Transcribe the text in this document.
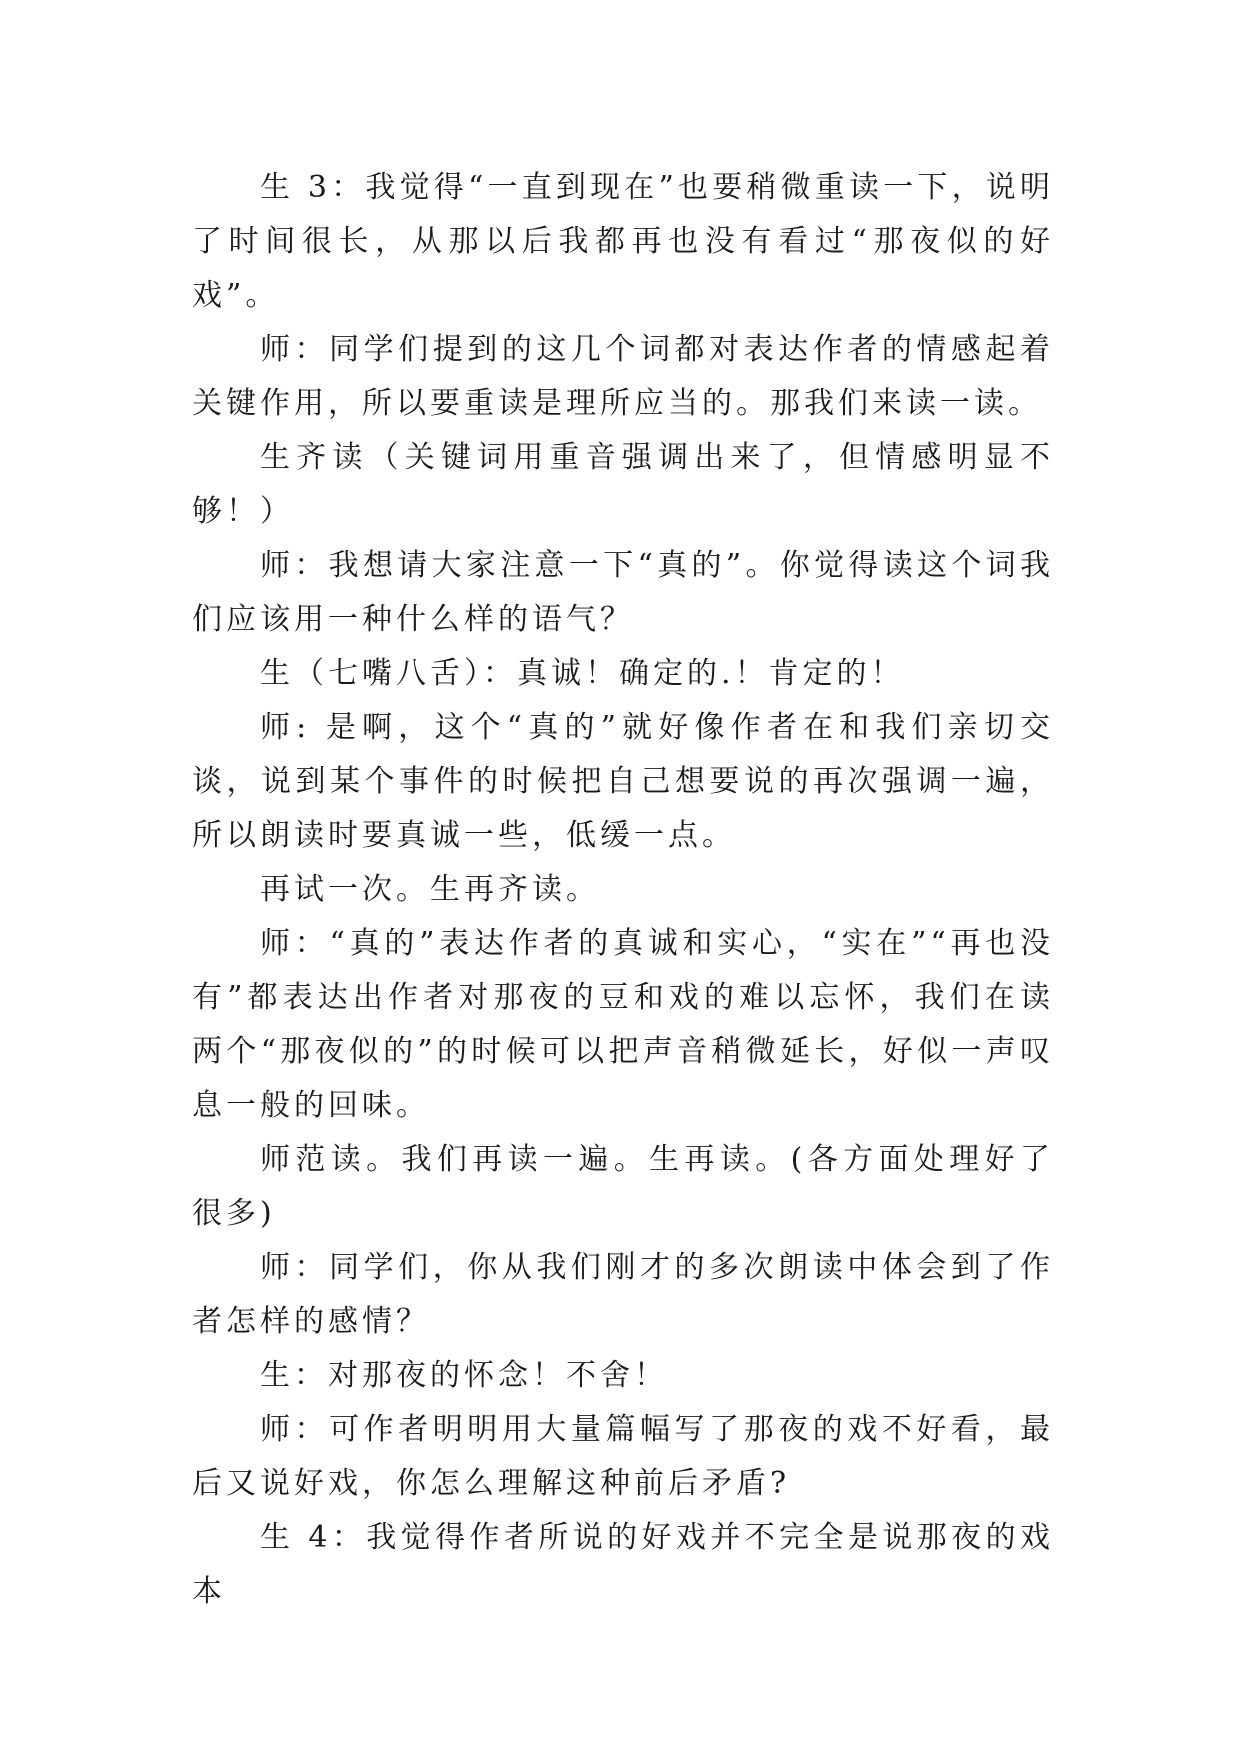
生 3：我觉得“一直到现在”也要稍微重读一下，说明了时间很长，从那以后我都再也没有看过“那夜似的好戏”。

师：同学们提到的这几个词都对表达作者的情感起着关键作用，所以要重读是理所应当的。那我们来读一读。

生齐读（关键词用重音强调出来了，但情感明显不够！）

师：我想请大家注意一下“真的”。你觉得读这个词我们应该用一种什么样的语气？

生（七嘴八舌）：真诚！确定的.！肯定的！

师: 是啊，这个“真的”就好像作者在和我们亲切交谈，说到某个事件的时候把自己想要说的再次强调一遍，所以朗读时要真诚一些，低缓一点。

再试一次。生再齐读。

师：“真的”表达作者的真诚和实心，“实在”“再也没有”都表达出作者对那夜的豆和戏的难以忘怀，我们在读两个“那夜似的”的时候可以把声音稍微延长，好似一声叹息一般的回味。

师范读。我们再读一遍。生再读。(各方面处理好了很多)

师：同学们，你从我们刚才的多次朗读中体会到了作者怎样的感情？

生：对那夜的怀念！不舍！

师：可作者明明用大量篇幅写了那夜的戏不好看，最后又说好戏，你怎么理解这种前后矛盾?

生 4：我觉得作者所说的好戏并不完全是说那夜的戏本
